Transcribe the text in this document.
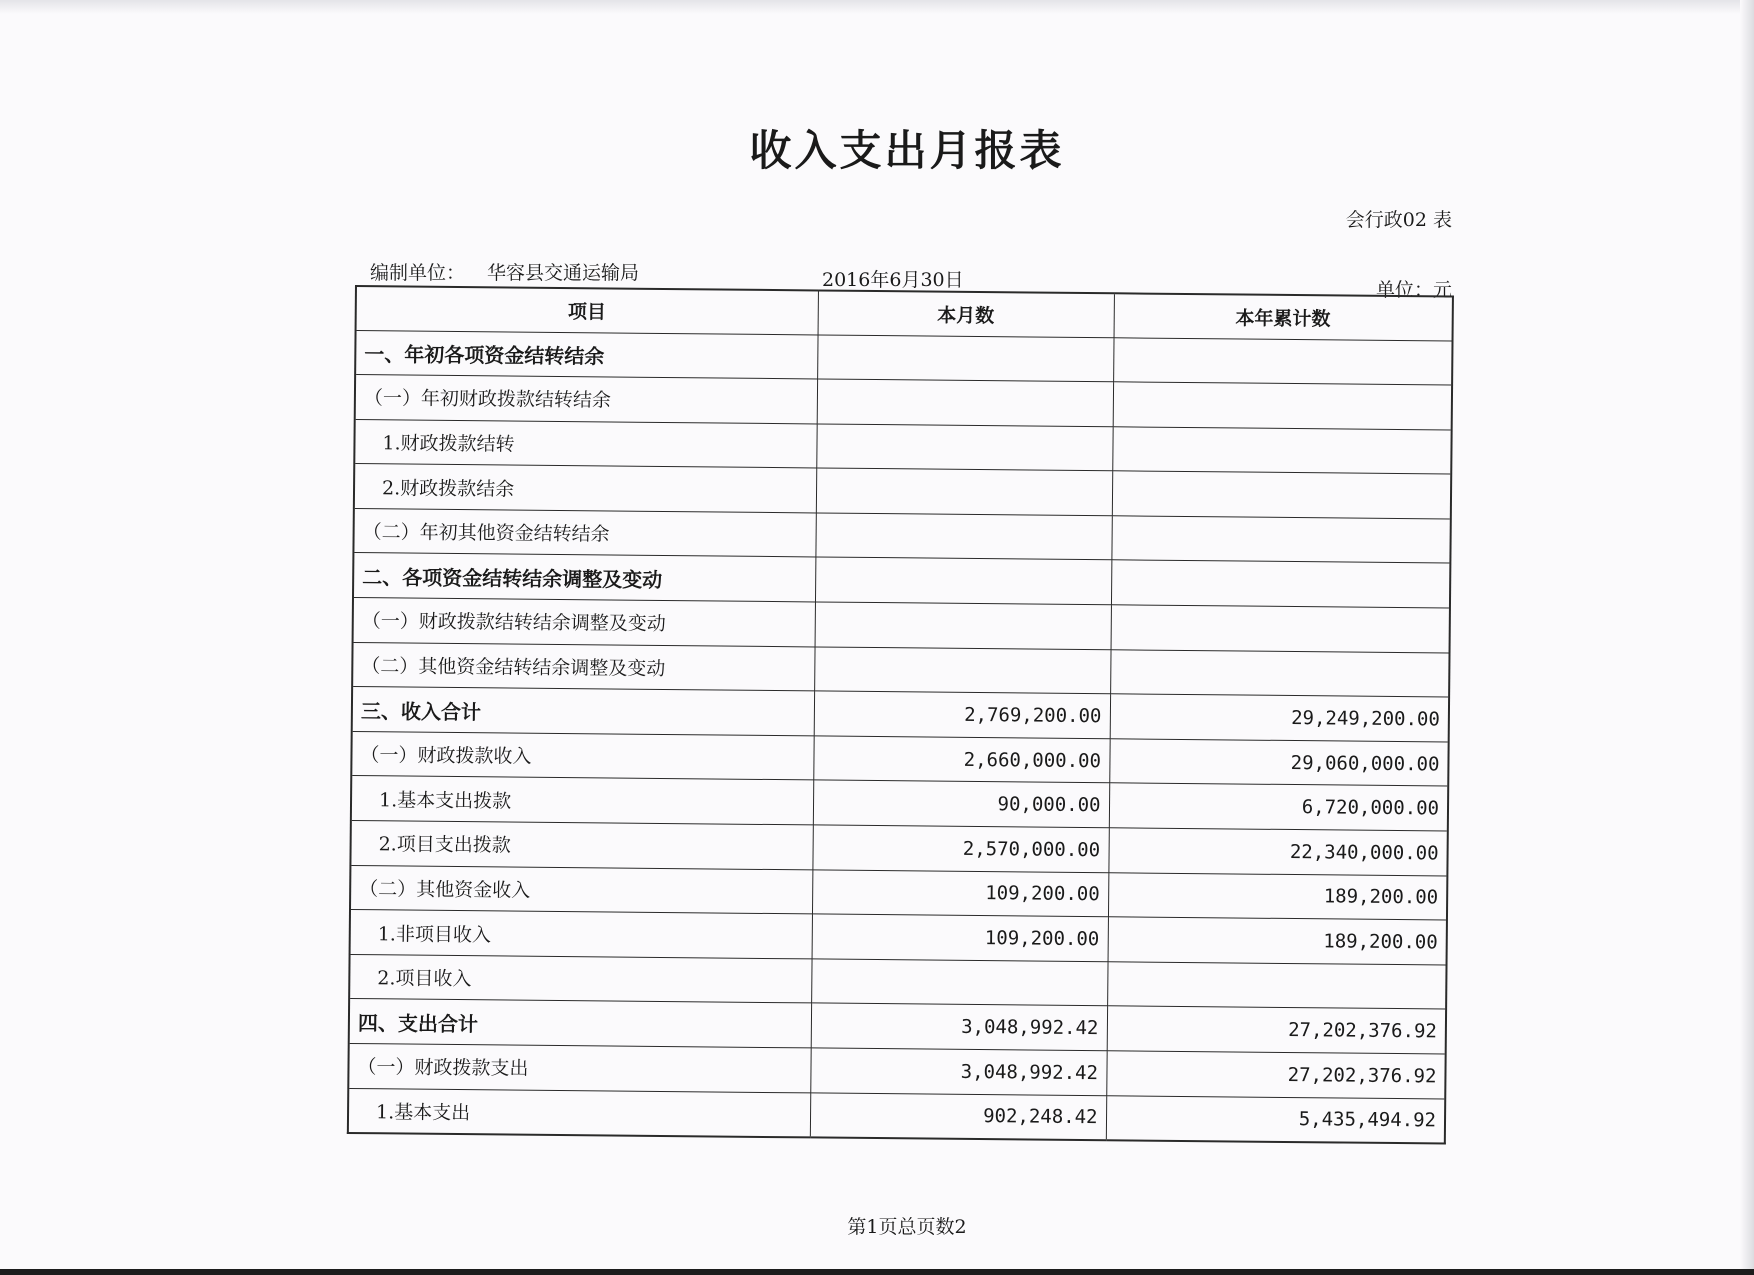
收入支出月报表
会行政02 表
编制单位： 华容县交通运输局	2016年6月30日	单位：元
项目	本月数	本年累计数
一、年初各项资金结转结余		
（一）年初财政拨款结转结余		
　1.财政拨款结转		
　2.财政拨款结余		
（二）年初其他资金结转结余		
二、各项资金结转结余调整及变动		
（一）财政拨款结转结余调整及变动		
（二）其他资金结转结余调整及变动		
三、收入合计	2,769,200.00	29,249,200.00
（一）财政拨款收入	2,660,000.00	29,060,000.00
　1.基本支出拨款	90,000.00	6,720,000.00
　2.项目支出拨款	2,570,000.00	22,340,000.00
（二）其他资金收入	109,200.00	189,200.00
　1.非项目收入	109,200.00	189,200.00
　2.项目收入		
四、支出合计	3,048,992.42	27,202,376.92
（一）财政拨款支出	3,048,992.42	27,202,376.92
　1.基本支出	902,248.42	5,435,494.92
第1页总页数2
